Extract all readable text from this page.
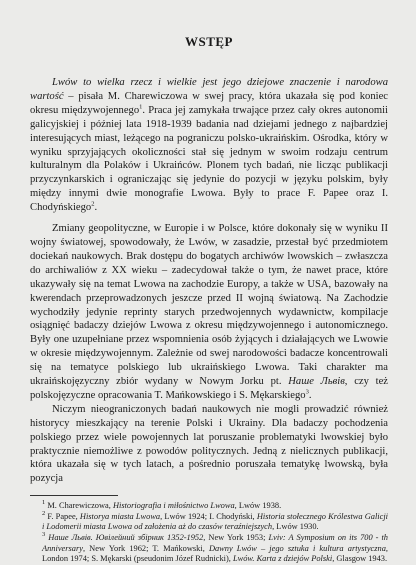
WSTĘP

Lwów to wielka rzecz i wielkie jest jego dziejowe znaczenie i narodowa wartość – pisała M. Charewiczowa w swej pracy, która ukazała się pod koniec okresu międzywojennego$^1$. Praca jej zamykała trwające przez cały okres autonomii galicyjskiej i później lata 1918-1939 badania nad dziejami jednego z najbardziej interesujących miast, leżącego na pograniczu polsko-ukraińskim. Ośrodka, który w wyniku sprzyjających okoliczności stał się jednym w swoim rodzaju centrum kulturalnym dla Polaków i Ukraińców. Plonem tych badań, nie licząc publikacji przyczynkarskich i ograniczając się jedynie do pozycji w języku polskim, były między innymi dwie monografie Lwowa. Były to prace F. Papee oraz I. Chodyńskiego$^2$.

Zmiany geopolityczne, w Europie i w Polsce, które dokonały się w wyniku II wojny światowej, spowodowały, że Lwów, w zasadzie, przestał być przedmiotem dociekań naukowych. Brak dostępu do bogatych archiwów lwowskich – zwłaszcza do archiwaliów z XX wieku – zadecydował także o tym, że nawet prace, które ukazywały się na temat Lwowa na zachodzie Europy, a także w USA, bazowały na kwerendach przeprowadzonych jeszcze przed II wojną światową. Na Zachodzie wychodziły jedynie reprinty starych przedwojennych wydawnictw, kompilacje osiągnięć badaczy dziejów Lwowa z okresu międzywojennego i autonomicznego. Były one uzupełniane przez wspomnienia osób żyjących i działających we Lwowie w okresie międzywojennym. Zależnie od swej narodowości badacze koncentrowali się na tematyce polskiego lub ukraińskiego Lwowa. Taki charakter ma ukraińskojęzyczny zbiór wydany w Nowym Jorku pt. Наше Львів, czy też polskojęzyczne opracowania T. Mańkowskiego i S. Mękarskiego$^3$.

Niczym nieograniczonych badań naukowych nie mogli prowadzić również historycy mieszkający na terenie Polski i Ukrainy. Dla badaczy pochodzenia polskiego przez wiele powojennych lat poruszanie problematyki lwowskiej było praktycznie niemożliwe z powodów politycznych. Jedną z nielicznych publikacji, która ukazała się w tych latach, a pośrednio poruszała tematykę lwowską, była pozycja

$^1$ M. Charewiczowa, Historiografia i miłośnictwo Lwowa, Lwów 1938.

$^2$ F. Papee, Historya miasta Lwowa, Lwów 1924; I. Chodyński, Historia stołecznego Królestwa Galicji i Lodomerii miasta Lwowa od założenia aż do czasów teraźniejszych, Lwów 1930.

$^3$ Наше Львів. Ювілейний збірник 1352-1952, New York 1953; Lviv: A Symposium on its 700 - th Anniversary, New York 1962; T. Mańkowski, Dawny Lwów – jego sztuka i kultura artystyczna, London 1974; S. Mękarski (pseudonim Józef Rudnicki), Lwów. Karta z dziejów Polski, Glasgow 1943.
